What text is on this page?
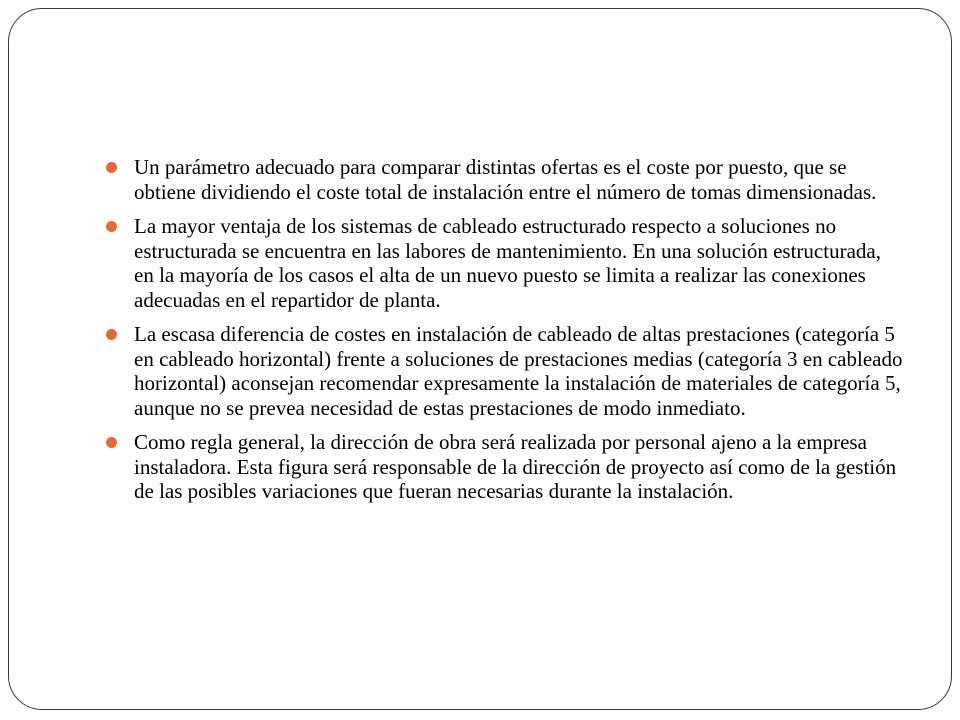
Un parámetro adecuado para comparar distintas ofertas es el coste por puesto, que se obtiene dividiendo el coste total de instalación entre el número de tomas dimensionadas.
La mayor ventaja de los sistemas de cableado estructurado respecto a soluciones no estructurada se encuentra en las labores de mantenimiento. En una solución estructurada, en la mayoría de los casos el alta de un nuevo puesto se limita a realizar las conexiones adecuadas en el repartidor de planta.
La escasa diferencia de costes en instalación de cableado de altas prestaciones (categoría 5 en cableado horizontal) frente a soluciones de prestaciones medias (categoría 3 en cableado horizontal) aconsejan recomendar expresamente la instalación de materiales de categoría 5, aunque no se prevea necesidad de estas prestaciones de modo inmediato.
Como regla general, la dirección de obra será realizada por personal ajeno a la empresa instaladora. Esta figura será responsable de la dirección de proyecto así como de la gestión de las posibles variaciones que fueran necesarias durante la instalación.
